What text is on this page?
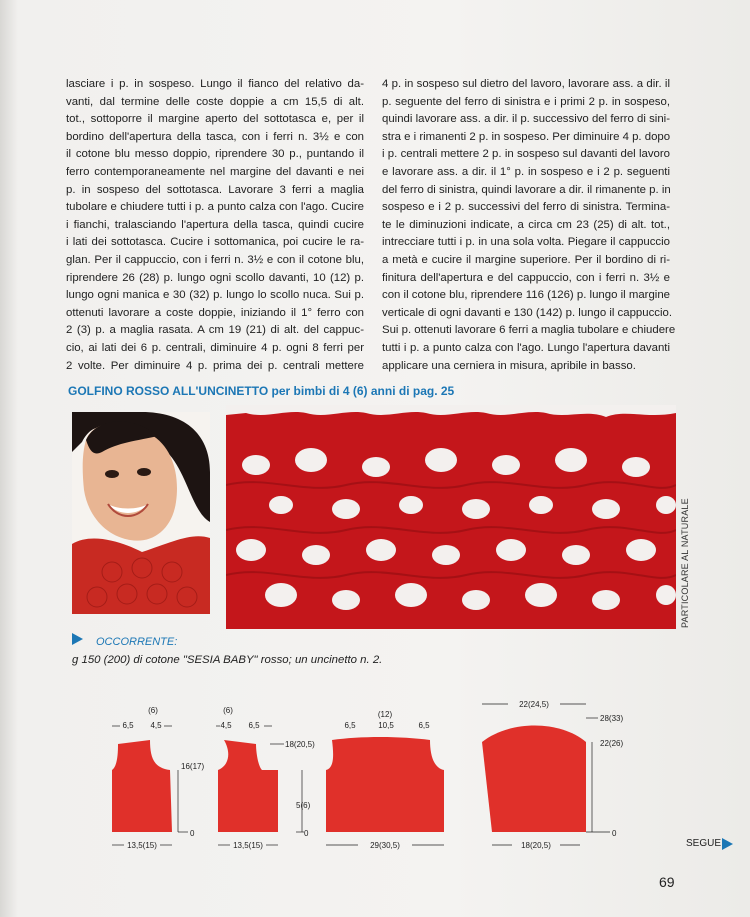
lasciare i p. in sospeso. Lungo il fianco del relativo da-
vanti, dal termine delle coste doppie a cm 15,5 di alt.
tot., sottoporre il margine aperto del sottotasca e, per il
bordino dell'apertura della tasca, con i ferri n. 3½ e con
il cotone blu messo doppio, riprendere 30 p., puntando il
ferro contemporaneamente nel margine del davanti e nei
p. in sospeso del sottotasca. Lavorare 3 ferri a maglia
tubolare e chiudere tutti i p. a punto calza con l'ago. Cucire
i fianchi, tralasciando l'apertura della tasca, quindi cucire
i lati dei sottotasca. Cucire i sottomanica, poi cucire le ra-
glan. Per il cappuccio, con i ferri n. 3½ e con il cotone blu,
riprendere 26 (28) p. lungo ogni scollo davanti, 10 (12) p.
lungo ogni manica e 30 (32) p. lungo lo scollo nuca. Sui p.
ottenuti lavorare a coste doppie, iniziando il 1° ferro con
2 (3) p. a maglia rasata. A cm 19 (21) di alt. del cappuc-
cio, ai lati dei 6 p. centrali, diminuire 4 p. ogni 8 ferri per
2 volte. Per diminuire 4 p. prima dei p. centrali mettere
4 p. in sospeso sul dietro del lavoro, lavorare ass. a dir. il
p. seguente del ferro di sinistra e i primi 2 p. in sospeso,
quindi lavorare ass. a dir. il p. successivo del ferro di sini-
stra e i rimanenti 2 p. in sospeso. Per diminuire 4 p. dopo
i p. centrali mettere 2 p. in sospeso sul davanti del lavoro
e lavorare ass. a dir. il 1° p. in sospeso e i 2 p. seguenti
del ferro di sinistra, quindi lavorare a dir. il rimanente p. in
sospeso e i 2 p. successivi del ferro di sinistra. Termina-
te le diminuzioni indicate, a circa cm 23 (25) di alt. tot.,
intrecciare tutti i p. in una sola volta. Piegare il cappuccio
a metà e cucire il margine superiore. Per il bordino di ri-
finitura dell'apertura e del cappuccio, con i ferri n. 3½ e
con il cotone blu, riprendere 116 (126) p. lungo il margine
verticale di ogni davanti e 130 (142) p. lungo il cappuccio.
Sui p. ottenuti lavorare 6 ferri a maglia tubolare e chiudere
tutti i p. a punto calza con l'ago. Lungo l'apertura davanti
applicare una cerniera in misura, apribile in basso.
GOLFINO ROSSO ALL'UNCINETTO per bimbi di 4 (6) anni di pag. 25
PARTICOLARE AL NATURALE
OCCORRENTE:
g 150 (200) di cotone "SESIA BABY" rosso; un uncinetto n. 2.
(6)
6,5 4,5
16(17)
0
13,5(15)
(6)
4,5 6,5
18(20,5)
5(6)
13,5(15)
0
(12)
6,5	10,5	6,5
29(30,5)
22(24,5)
28(33)
22(26)
0
18(20,5)	SEGUE
69
